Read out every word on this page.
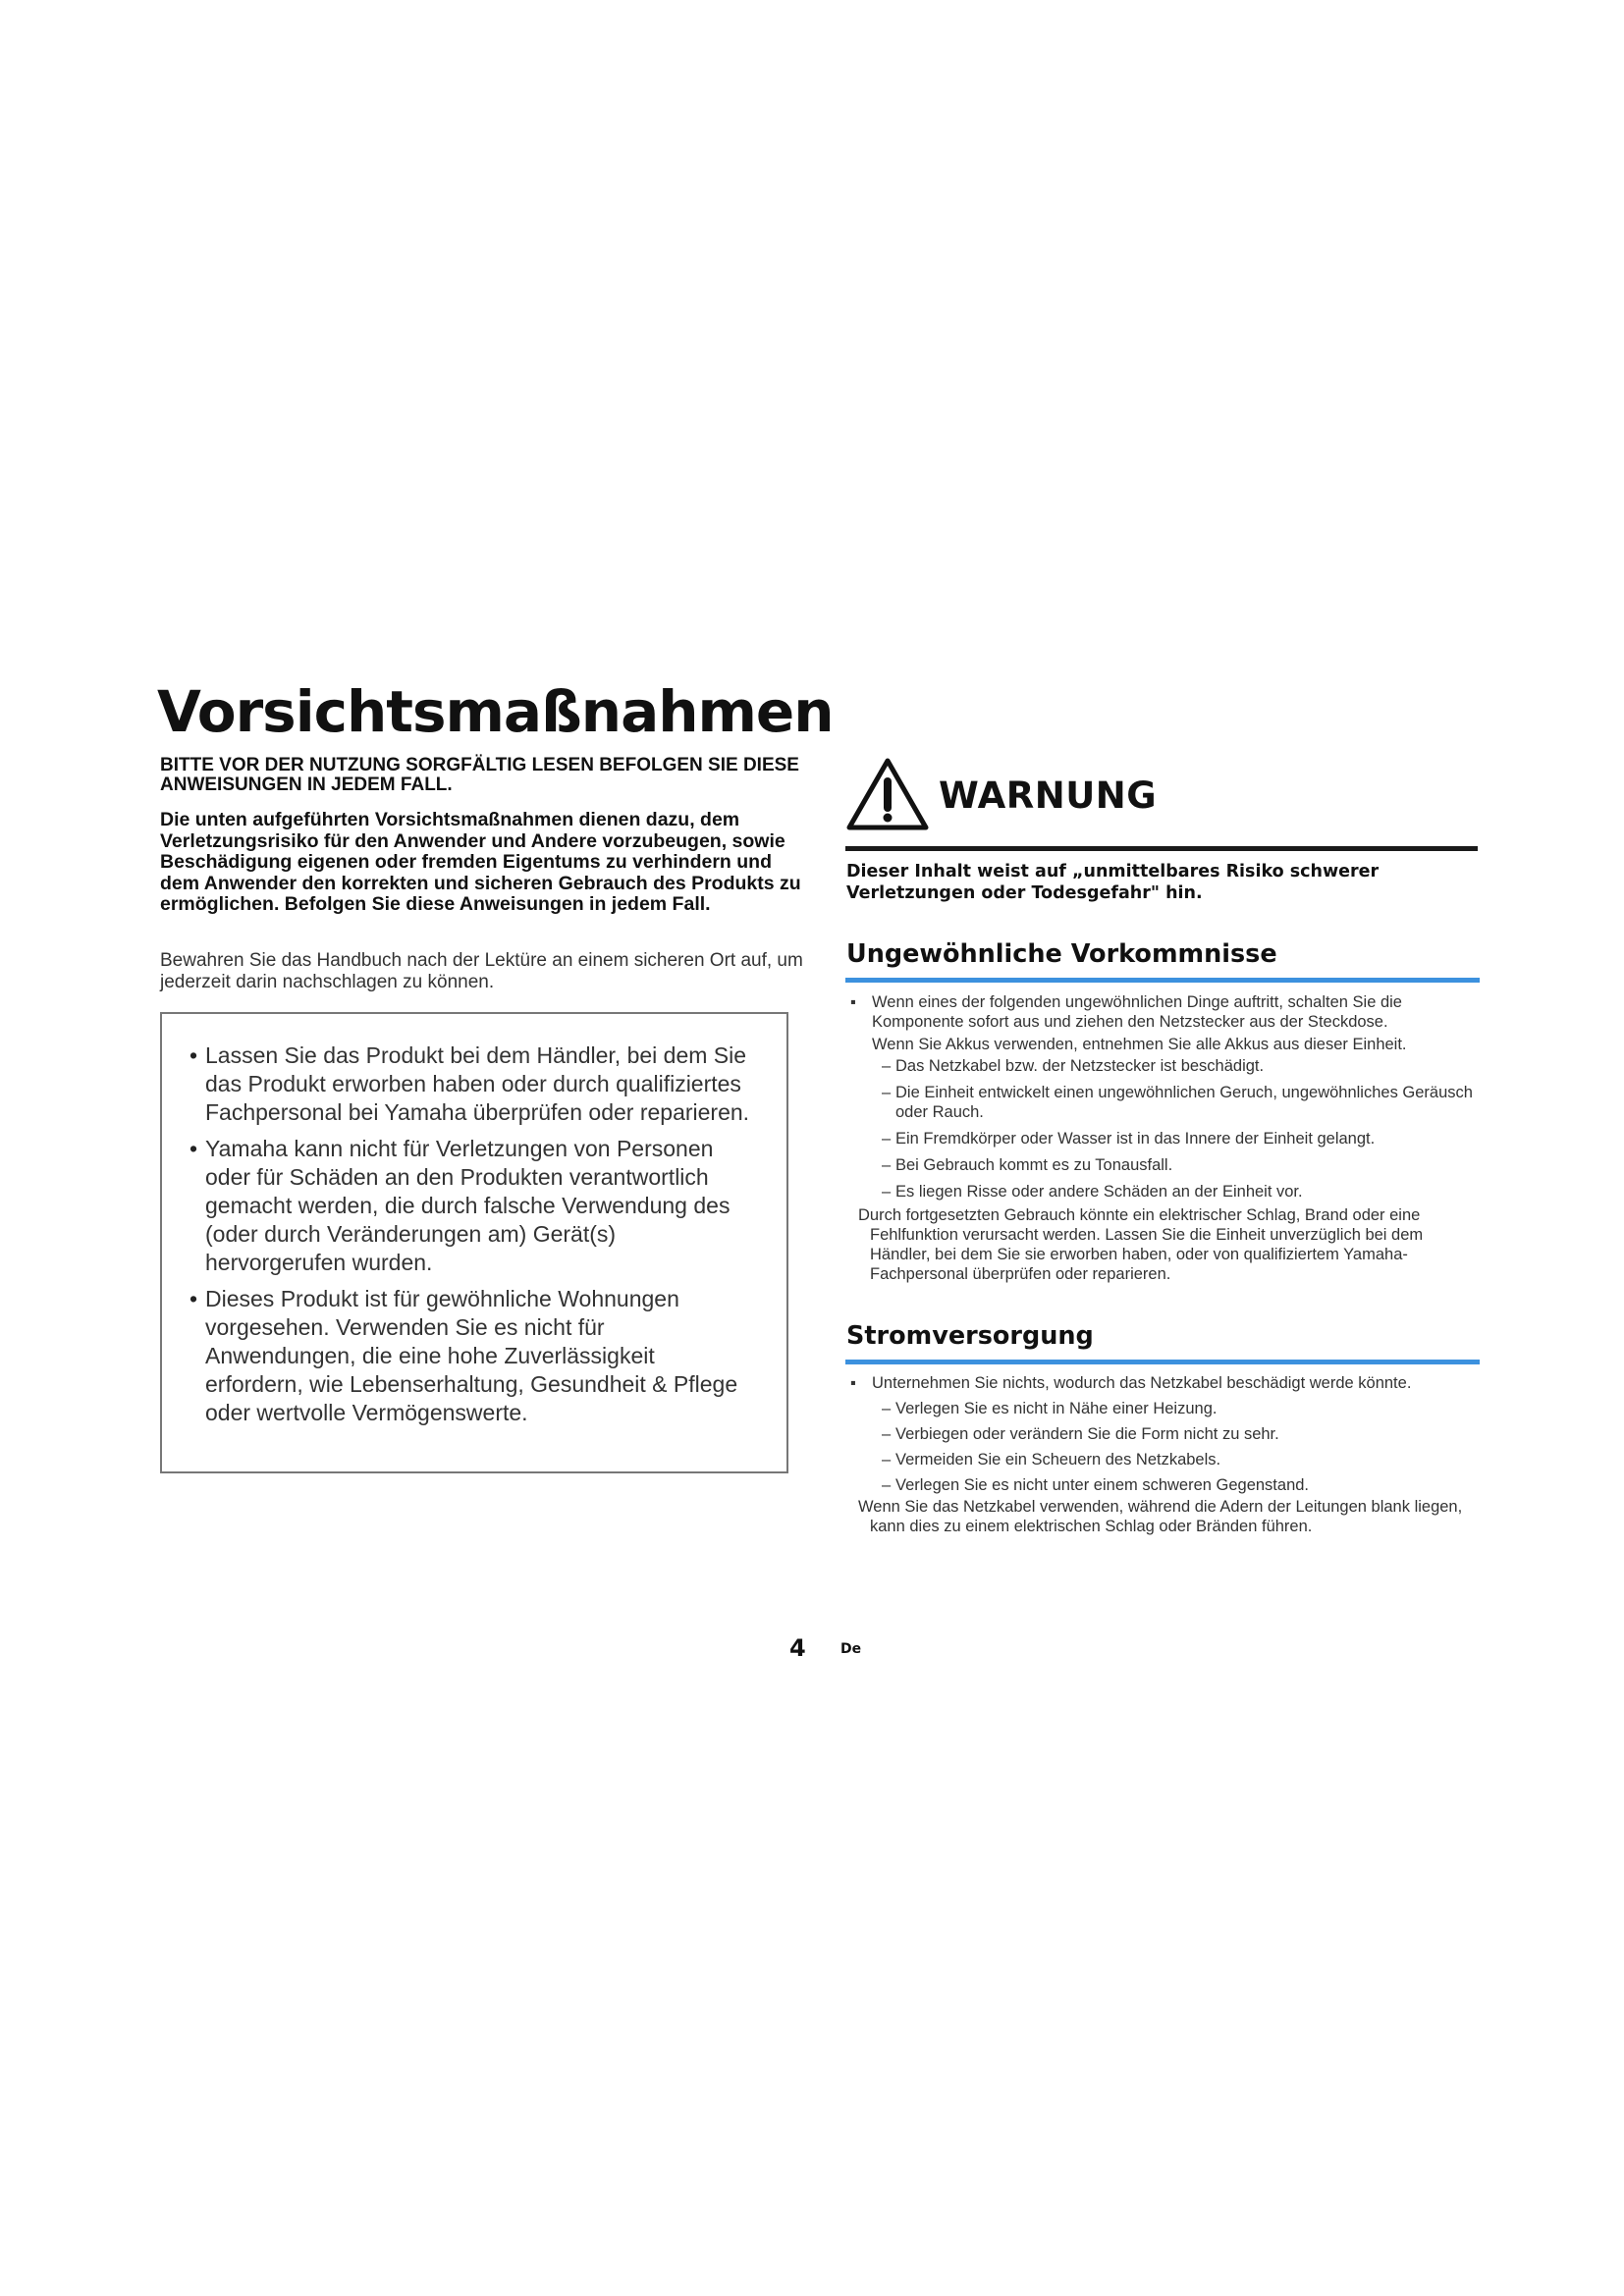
Vorsichtsmaßnahmen
BITTE VOR DER NUTZUNG SORGFÄLTIG LESEN BEFOLGEN SIE DIESE ANWEISUNGEN IN JEDEM FALL.
Die unten aufgeführten Vorsichtsmaßnahmen dienen dazu, dem Verletzungsrisiko für den Anwender und Andere vorzubeugen, sowie Beschädigung eigenen oder fremden Eigentums zu verhindern und dem Anwender den korrekten und sicheren Gebrauch des Produkts zu ermöglichen. Befolgen Sie diese Anweisungen in jedem Fall.
Bewahren Sie das Handbuch nach der Lektüre an einem sicheren Ort auf, um jederzeit darin nachschlagen zu können.
• Lassen Sie das Produkt bei dem Händler, bei dem Sie das Produkt erworben haben oder durch qualifiziertes Fachpersonal bei Yamaha überprüfen oder reparieren.
• Yamaha kann nicht für Verletzungen von Personen oder für Schäden an den Produkten verantwortlich gemacht werden, die durch falsche Verwendung des (oder durch Veränderungen am) Gerät(s) hervorgerufen wurden.
• Dieses Produkt ist für gewöhnliche Wohnungen vorgesehen. Verwenden Sie es nicht für Anwendungen, die eine hohe Zuverlässigkeit erfordern, wie Lebenserhaltung, Gesundheit & Pflege oder wertvolle Vermögenswerte.
WARNUNG
Dieser Inhalt weist auf „unmittelbares Risiko schwerer Verletzungen oder Todesgefahr" hin.
Ungewöhnliche Vorkommnisse
▪ Wenn eines der folgenden ungewöhnlichen Dinge auftritt, schalten Sie die Komponente sofort aus und ziehen den Netzstecker aus der Steckdose.
Wenn Sie Akkus verwenden, entnehmen Sie alle Akkus aus dieser Einheit.
– Das Netzkabel bzw. der Netzstecker ist beschädigt.
– Die Einheit entwickelt einen ungewöhnlichen Geruch, ungewöhnliches Geräusch oder Rauch.
– Ein Fremdkörper oder Wasser ist in das Innere der Einheit gelangt.
– Bei Gebrauch kommt es zu Tonausfall.
– Es liegen Risse oder andere Schäden an der Einheit vor.
Durch fortgesetzten Gebrauch könnte ein elektrischer Schlag, Brand oder eine Fehlfunktion verursacht werden. Lassen Sie die Einheit unverzüglich bei dem Händler, bei dem Sie sie erworben haben, oder von qualifiziertem Yamaha-Fachpersonal überprüfen oder reparieren.
Stromversorgung
▪ Unternehmen Sie nichts, wodurch das Netzkabel beschädigt werde könnte.
– Verlegen Sie es nicht in Nähe einer Heizung.
– Verbiegen oder verändern Sie die Form nicht zu sehr.
– Vermeiden Sie ein Scheuern des Netzkabels.
– Verlegen Sie es nicht unter einem schweren Gegenstand.
Wenn Sie das Netzkabel verwenden, während die Adern der Leitungen blank liegen, kann dies zu einem elektrischen Schlag oder Bränden führen.
4	De
